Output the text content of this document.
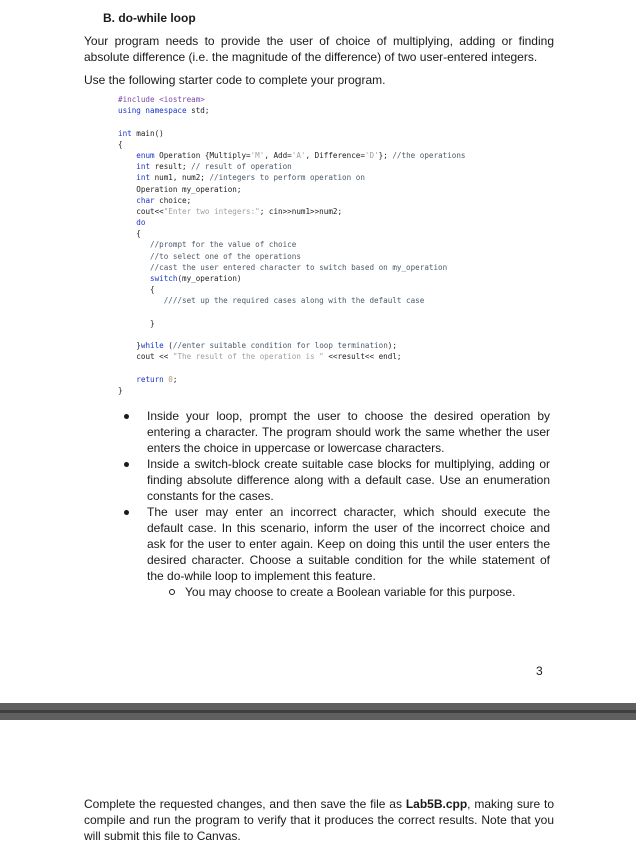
B. do-while loop
Your program needs to provide the user of choice of multiplying, adding or finding absolute difference (i.e. the magnitude of the difference) of two user-entered integers.
Use the following starter code to complete your program.
#include <iostream>
using namespace std;
int main()
{
enum Operation {Multiply='M', Add='A', Difference='D'}; //the operations
int result; // result of operation
int num1, num2; //integers to perform operation on
Operation my_operation;
char choice;
cout<<"Enter two integers:"; cin>>num1>>num2;
do
{
//prompt for the value of choice
//to select one of the operations
//cast the user entered character to switch based on my_operation
switch(my_operation)
{
////set up the required cases along with the default case
}
}while (//enter suitable condition for loop termination);
cout << "The result of the operation is " <<result<< endl;
return 0;
}
Inside your loop, prompt the user to choose the desired operation by entering a character. The program should work the same whether the user enters the choice in uppercase or lowercase characters.
Inside a switch-block create suitable case blocks for multiplying, adding or finding absolute difference along with a default case. Use an enumeration constants for the cases.
The user may enter an incorrect character, which should execute the default case. In this scenario, inform the user of the incorrect choice and ask for the user to enter again. Keep on doing this until the user enters the desired character. Choose a suitable condition for the while statement of the do-while loop to implement this feature.
You may choose to create a Boolean variable for this purpose.
3
Complete the requested changes, and then save the file as Lab5B.cpp, making sure to compile and run the program to verify that it produces the correct results. Note that you will submit this file to Canvas.
